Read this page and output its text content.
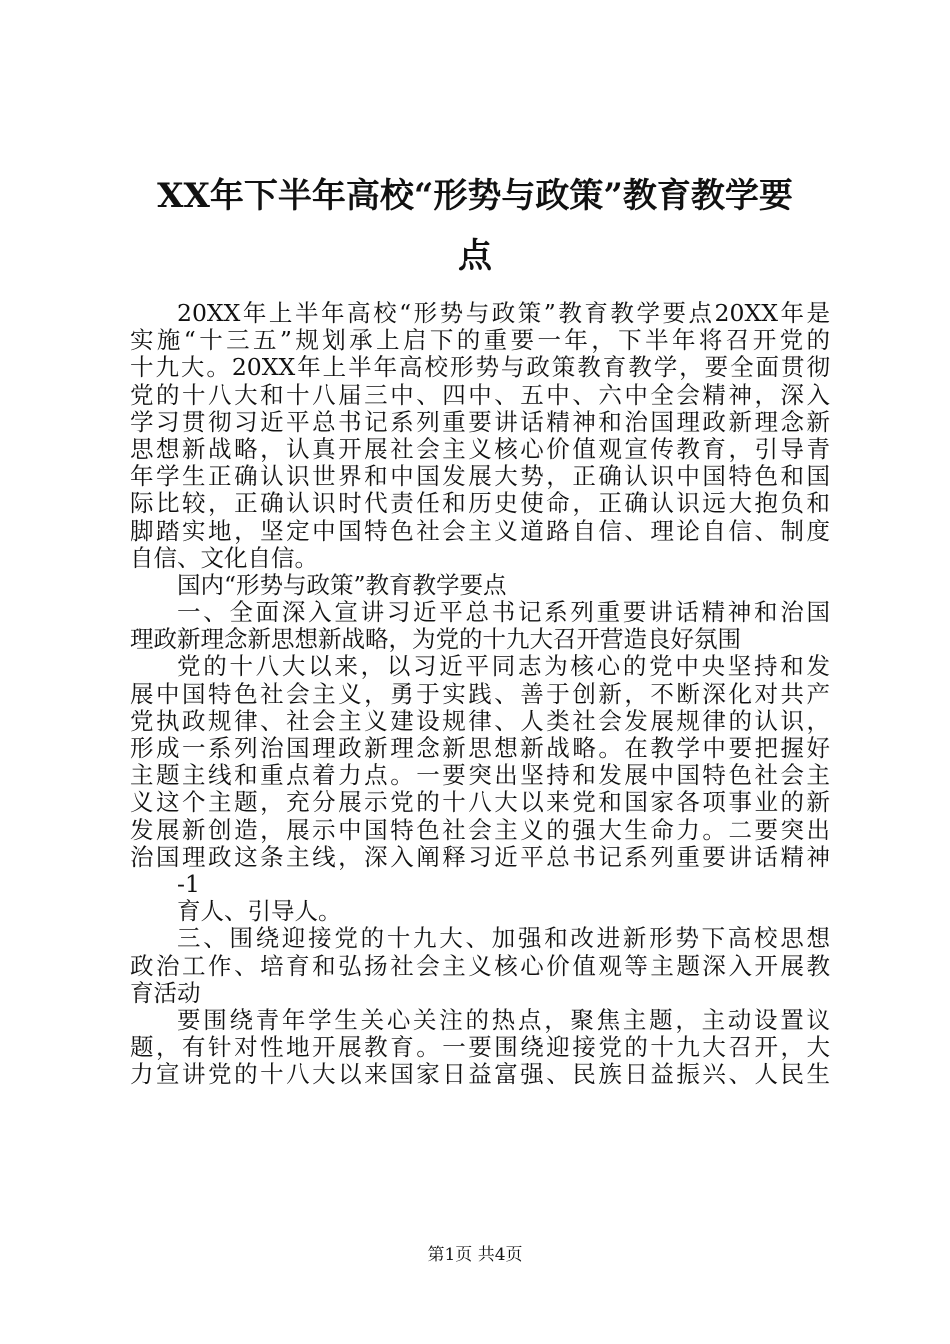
XX年下半年高校“形势与政策”教育教学要
点
20XX年上半年高校“形势与政策”教育教学要点20XX年是
实施“十三五”规划承上启下的重要一年，下半年将召开党的
十九大。20XX年上半年高校形势与政策教育教学，要全面贯彻
党的十八大和十八届三中、四中、五中、六中全会精神，深入
学习贯彻习近平总书记系列重要讲话精神和治国理政新理念新
思想新战略，认真开展社会主义核心价值观宣传教育，引导青
年学生正确认识世界和中国发展大势，正确认识中国特色和国
际比较，正确认识时代责任和历史使命，正确认识远大抱负和
脚踏实地，坚定中国特色社会主义道路自信、理论自信、制度
自信、文化自信。
国内“形势与政策”教育教学要点
一、全面深入宣讲习近平总书记系列重要讲话精神和治国
理政新理念新思想新战略，为党的十九大召开营造良好氛围
党的十八大以来，以习近平同志为核心的党中央坚持和发
展中国特色社会主义，勇于实践、善于创新，不断深化对共产
党执政规律、社会主义建设规律、人类社会发展规律的认识，
形成一系列治国理政新理念新思想新战略。在教学中要把握好
主题主线和重点着力点。一要突出坚持和发展中国特色社会主
义这个主题，充分展示党的十八大以来党和国家各项事业的新
发展新创造，展示中国特色社会主义的强大生命力。二要突出
治国理政这条主线，深入阐释习近平总书记系列重要讲话精神
-1
育人、引导人。
三、围绕迎接党的十九大、加强和改进新形势下高校思想
政治工作、培育和弘扬社会主义核心价值观等主题深入开展教
育活动
要围绕青年学生关心关注的热点，聚焦主题，主动设置议
题，有针对性地开展教育。一要围绕迎接党的十九大召开，大
力宣讲党的十八大以来国家日益富强、民族日益振兴、人民生
第1页 共4页
